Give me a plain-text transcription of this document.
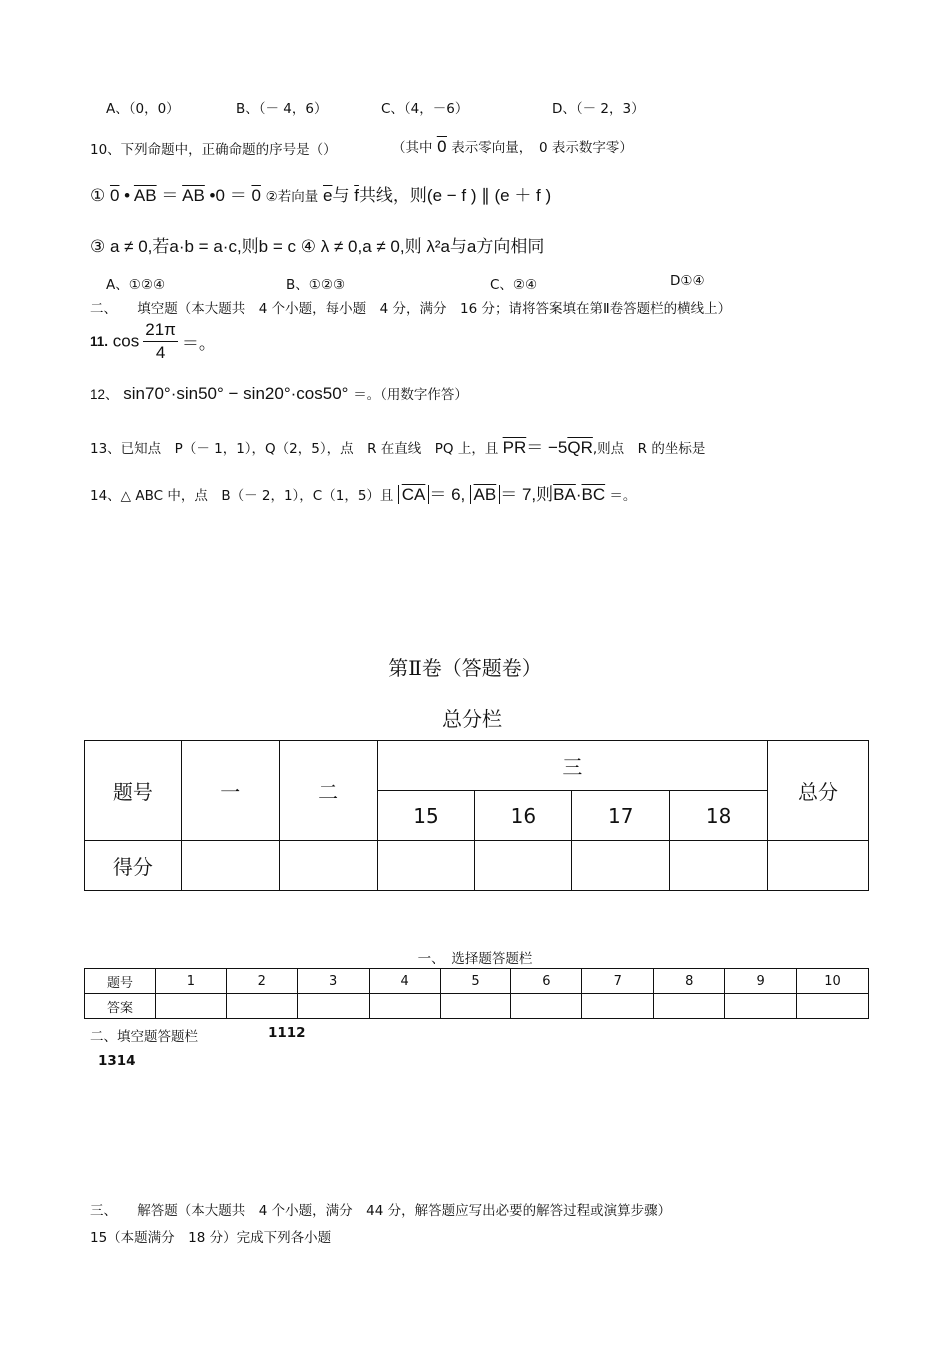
A、（0，0）	B、（－ 4，6）	C、（4，－6）	D、（－ 2，3）
10、下列命题中，正确命题的序号是（）	（其中 0 表示零向量，　0 表示数字零）
① 0 • $\overline{AB} = \overline{AB}$ •0 ＝ 0 ②若向量 $\overline{e}$与 $\overline{f}$共线，则(e − f ) ∥ (e ＋ f )
③ a ≠ 0,若a·b = a·c,则b = c ④ λ ≠ 0,a ≠ 0,则 λ²a与a方向相同
A、①②④	B、①②③	C、②④	D①④
二、　　填空题（本大题共　4 个小题，每小题　4 分，满分　16 分；请将答案填在第Ⅱ卷答题栏的横线上）
11. $\cos \frac{21\pi}{4}$ ＝。
12、 sin70°·sin50° − sin20°·cos50° ＝。（用数字作答）
13、已知点　P（－ 1，1），Q（2，5），点　R 在直线　PQ 上，且 $\overline{PR}= -5\overline{QR}$,则点　R 的坐标是
14、△ ABC 中，点　B（－ 2，1），C（1，5）且 $\overline{CA} = 6$, $\overline{AB} = 7$,则$\overline{BA}\cdot\overline{BC}$ ＝。
第Ⅱ卷（答题卷）
总分栏
题号	一	二	三				总分
			15	16	17	18	
得分							
一、　选择题答题栏
题号	1	2	3	4	5	6	7	8	9	10
答案										
二、填空题答题栏	1112
1314
三、　　解答题（本大题共　4 个小题，满分　44 分，解答题应写出必要的解答过程或演算步骤）
15（本题满分　18 分）完成下列各小题
